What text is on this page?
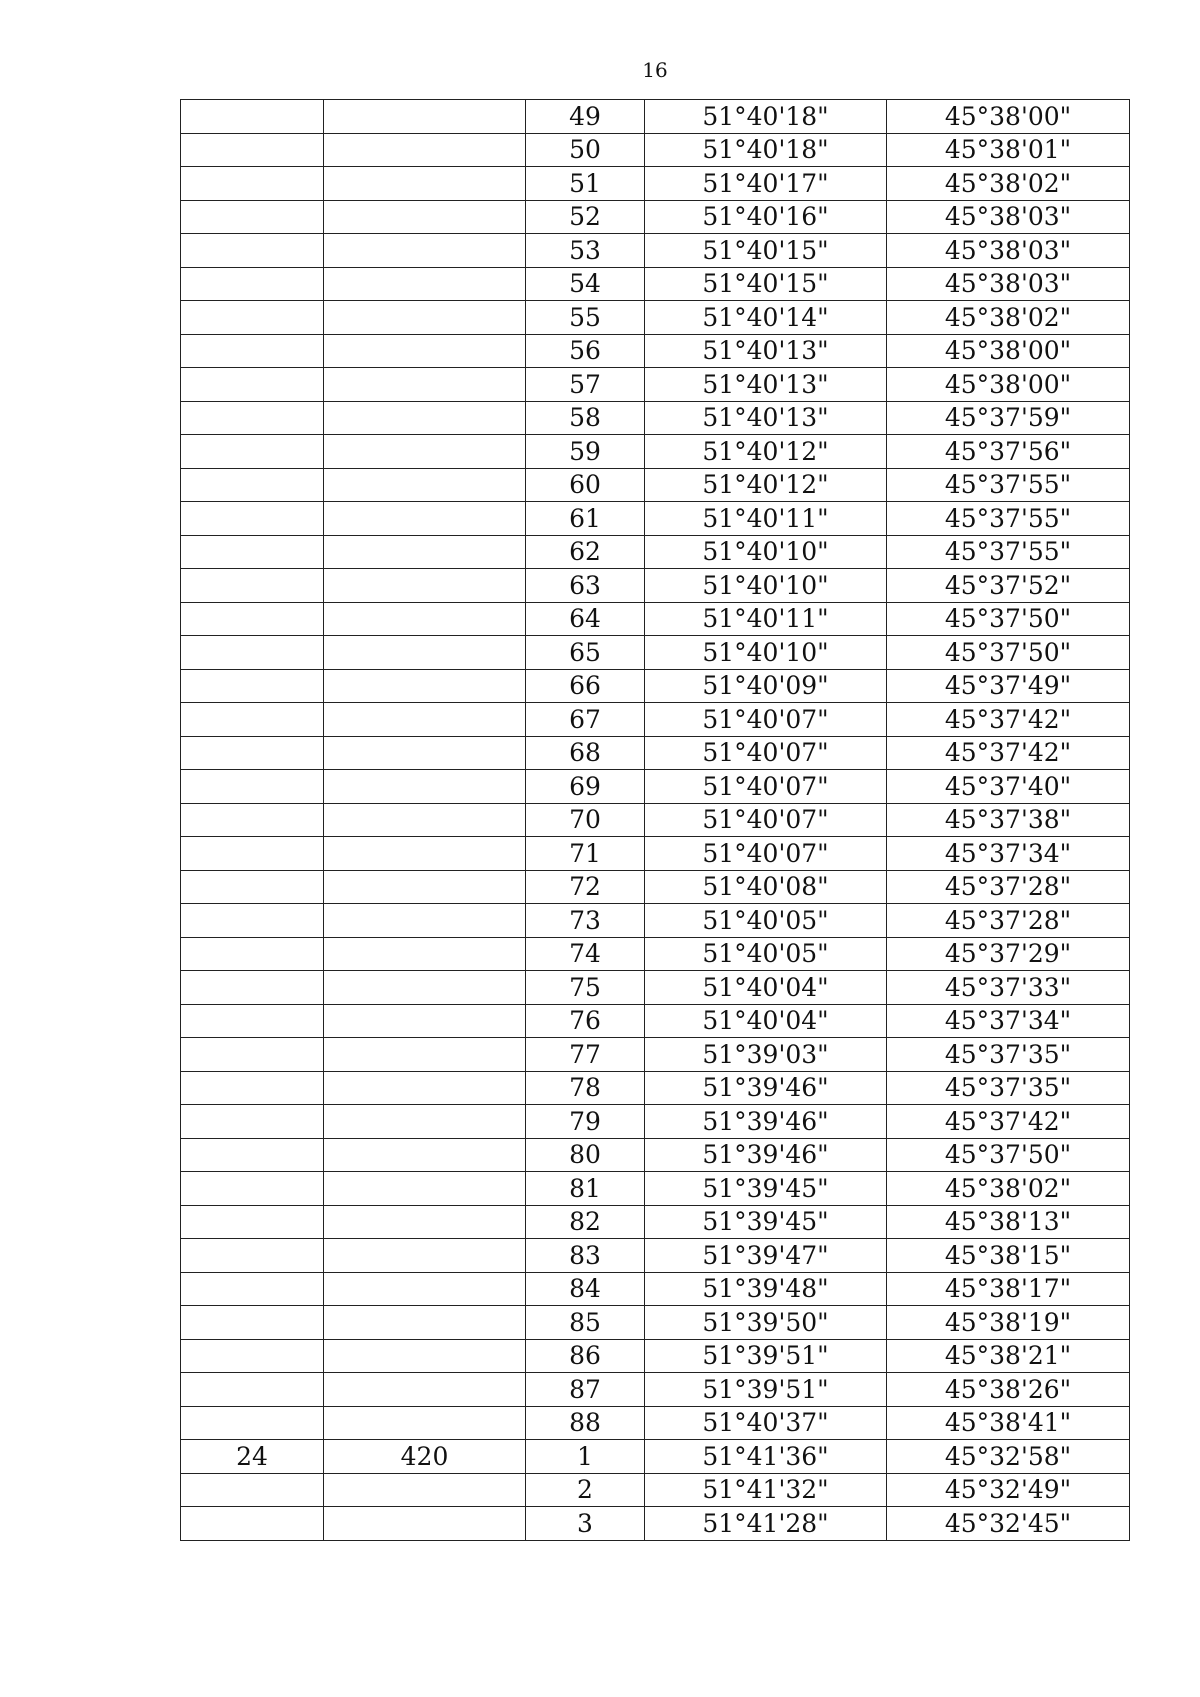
16
		49	51°40'18"	45°38'00"
		50	51°40'18"	45°38'01"
		51	51°40'17"	45°38'02"
		52	51°40'16"	45°38'03"
		53	51°40'15"	45°38'03"
		54	51°40'15"	45°38'03"
		55	51°40'14"	45°38'02"
		56	51°40'13"	45°38'00"
		57	51°40'13"	45°38'00"
		58	51°40'13"	45°37'59"
		59	51°40'12"	45°37'56"
		60	51°40'12"	45°37'55"
		61	51°40'11"	45°37'55"
		62	51°40'10"	45°37'55"
		63	51°40'10"	45°37'52"
		64	51°40'11"	45°37'50"
		65	51°40'10"	45°37'50"
		66	51°40'09"	45°37'49"
		67	51°40'07"	45°37'42"
		68	51°40'07"	45°37'42"
		69	51°40'07"	45°37'40"
		70	51°40'07"	45°37'38"
		71	51°40'07"	45°37'34"
		72	51°40'08"	45°37'28"
		73	51°40'05"	45°37'28"
		74	51°40'05"	45°37'29"
		75	51°40'04"	45°37'33"
		76	51°40'04"	45°37'34"
		77	51°39'03"	45°37'35"
		78	51°39'46"	45°37'35"
		79	51°39'46"	45°37'42"
		80	51°39'46"	45°37'50"
		81	51°39'45"	45°38'02"
		82	51°39'45"	45°38'13"
		83	51°39'47"	45°38'15"
		84	51°39'48"	45°38'17"
		85	51°39'50"	45°38'19"
		86	51°39'51"	45°38'21"
		87	51°39'51"	45°38'26"
		88	51°40'37"	45°38'41"
24	420	1	51°41'36"	45°32'58"
		2	51°41'32"	45°32'49"
		3	51°41'28"	45°32'45"
